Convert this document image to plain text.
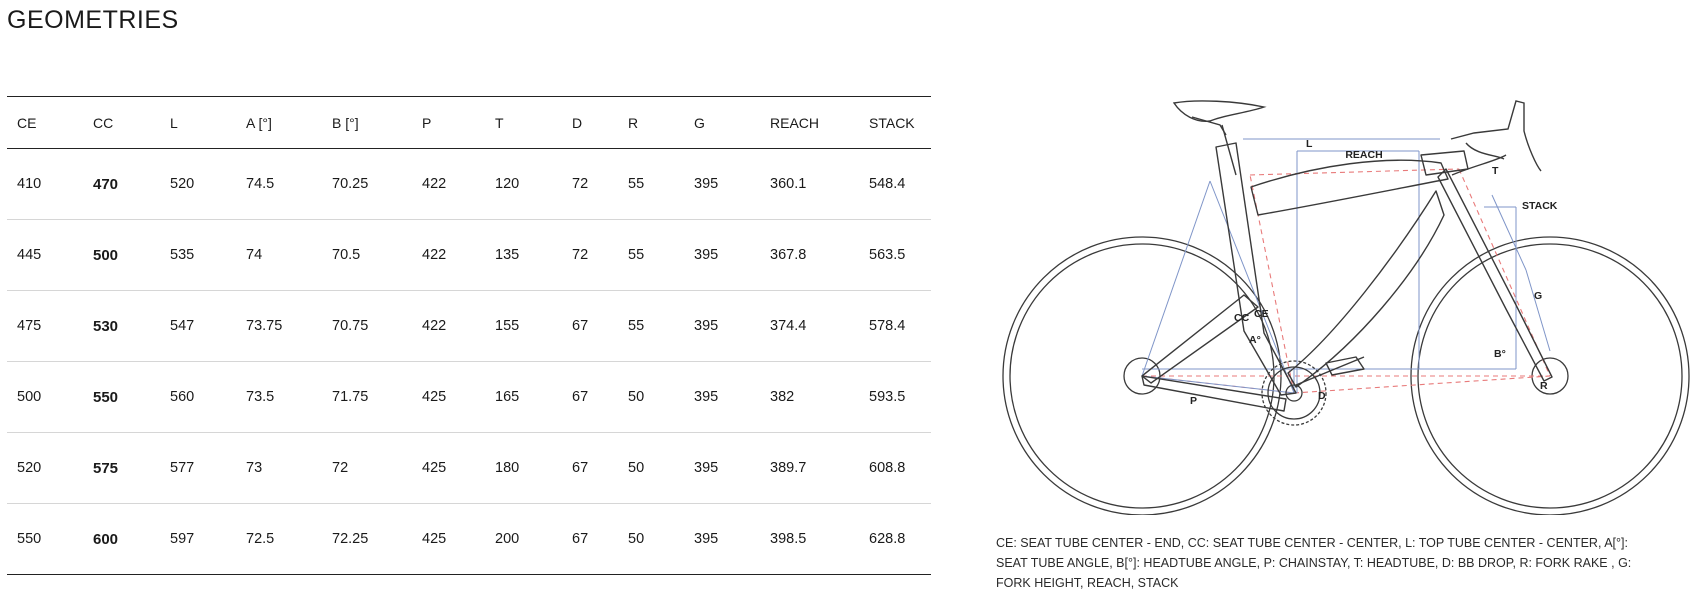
GEOMETRIES
CE	CC	L	A [°]	B [°]	P	T	D	R	G	REACH	STACK
410	470	520	74.5	70.25	422	120	72	55	395	360.1	548.4
445	500	535	74	70.5	422	135	72	55	395	367.8	563.5
475	530	547	73.75	70.75	422	155	67	55	395	374.4	578.4
500	550	560	73.5	71.75	425	165	67	50	395	382	593.5
520	575	577	73	72	425	180	67	50	395	389.7	608.8
550	600	597	72.5	72.25	425	200	67	50	395	398.5	628.8
L
REACH
T
STACK
G
CC CE
A°
B°
D
R
P

CE: SEAT TUBE CENTER - END, CC: SEAT TUBE CENTER - CENTER, L: TOP TUBE CENTER - CENTER, A[°]: SEAT TUBE ANGLE, B[°]: HEADTUBE ANGLE, P: CHAINSTAY, T: HEADTUBE, D: BB DROP, R: FORK RAKE , G: FORK HEIGHT, REACH, STACK
